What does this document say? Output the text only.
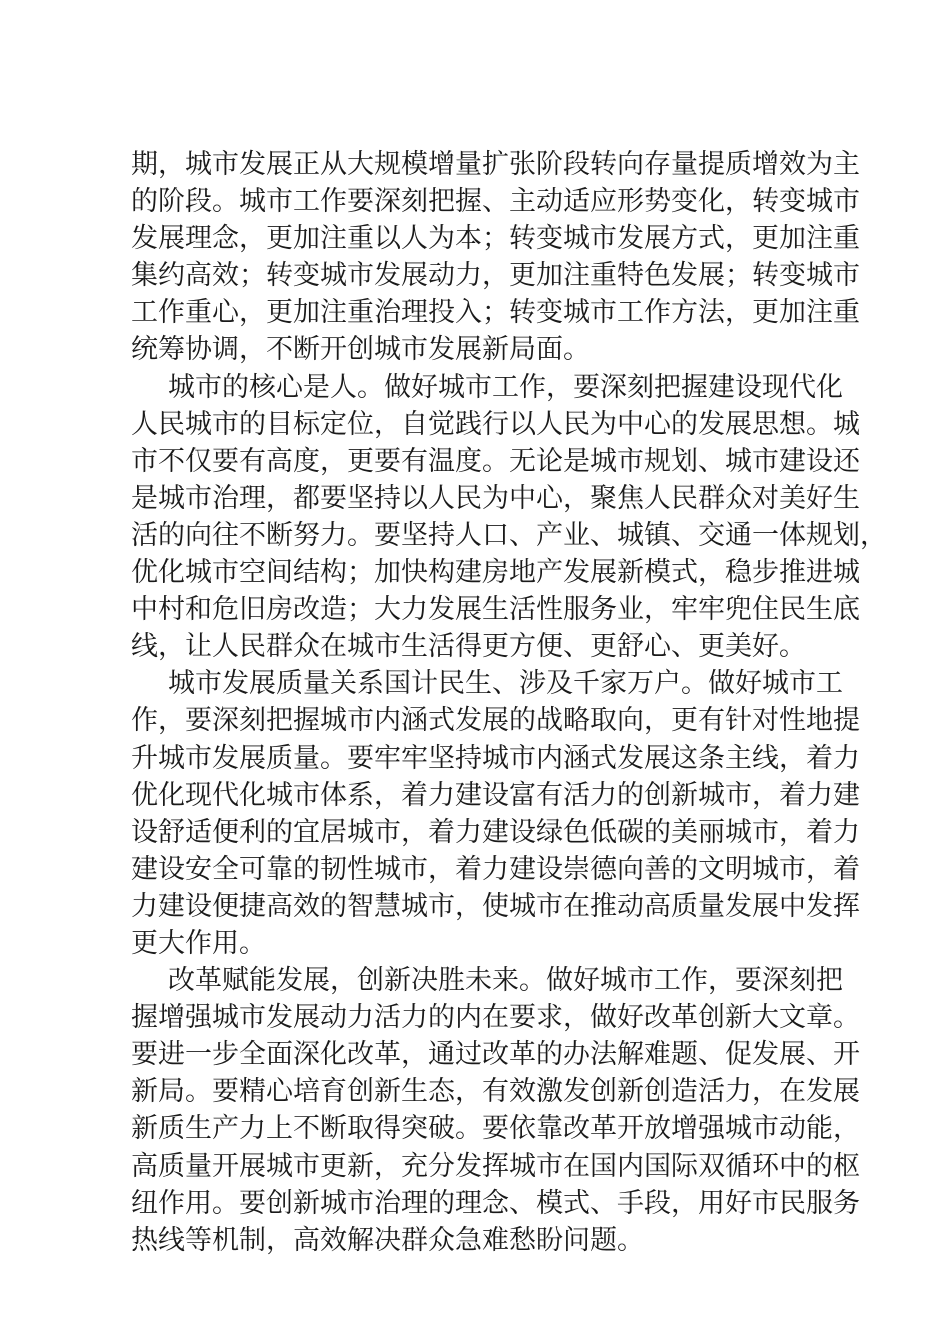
期，城市发展正从大规模增量扩张阶段转向存量提质增效为主
的阶段。城市工作要深刻把握、主动适应形势变化，转变城市
发展理念，更加注重以人为本；转变城市发展方式，更加注重
集约高效；转变城市发展动力，更加注重特色发展；转变城市
工作重心，更加注重治理投入；转变城市工作方法，更加注重
统筹协调，不断开创城市发展新局面。
城市的核心是人。做好城市工作，要深刻把握建设现代化
人民城市的目标定位，自觉践行以人民为中心的发展思想。城
市不仅要有高度，更要有温度。无论是城市规划、城市建设还
是城市治理，都要坚持以人民为中心，聚焦人民群众对美好生
活的向往不断努力。要坚持人口、产业、城镇、交通一体规划，
优化城市空间结构；加快构建房地产发展新模式，稳步推进城
中村和危旧房改造；大力发展生活性服务业，牢牢兜住民生底
线，让人民群众在城市生活得更方便、更舒心、更美好。
城市发展质量关系国计民生、涉及千家万户。做好城市工
作，要深刻把握城市内涵式发展的战略取向，更有针对性地提
升城市发展质量。要牢牢坚持城市内涵式发展这条主线，着力
优化现代化城市体系，着力建设富有活力的创新城市，着力建
设舒适便利的宜居城市，着力建设绿色低碳的美丽城市，着力
建设安全可靠的韧性城市，着力建设崇德向善的文明城市，着
力建设便捷高效的智慧城市，使城市在推动高质量发展中发挥
更大作用。
改革赋能发展，创新决胜未来。做好城市工作，要深刻把
握增强城市发展动力活力的内在要求，做好改革创新大文章。
要进一步全面深化改革，通过改革的办法解难题、促发展、开
新局。要精心培育创新生态，有效激发创新创造活力，在发展
新质生产力上不断取得突破。要依靠改革开放增强城市动能，
高质量开展城市更新，充分发挥城市在国内国际双循环中的枢
纽作用。要创新城市治理的理念、模式、手段，用好市民服务
热线等机制，高效解决群众急难愁盼问题。
